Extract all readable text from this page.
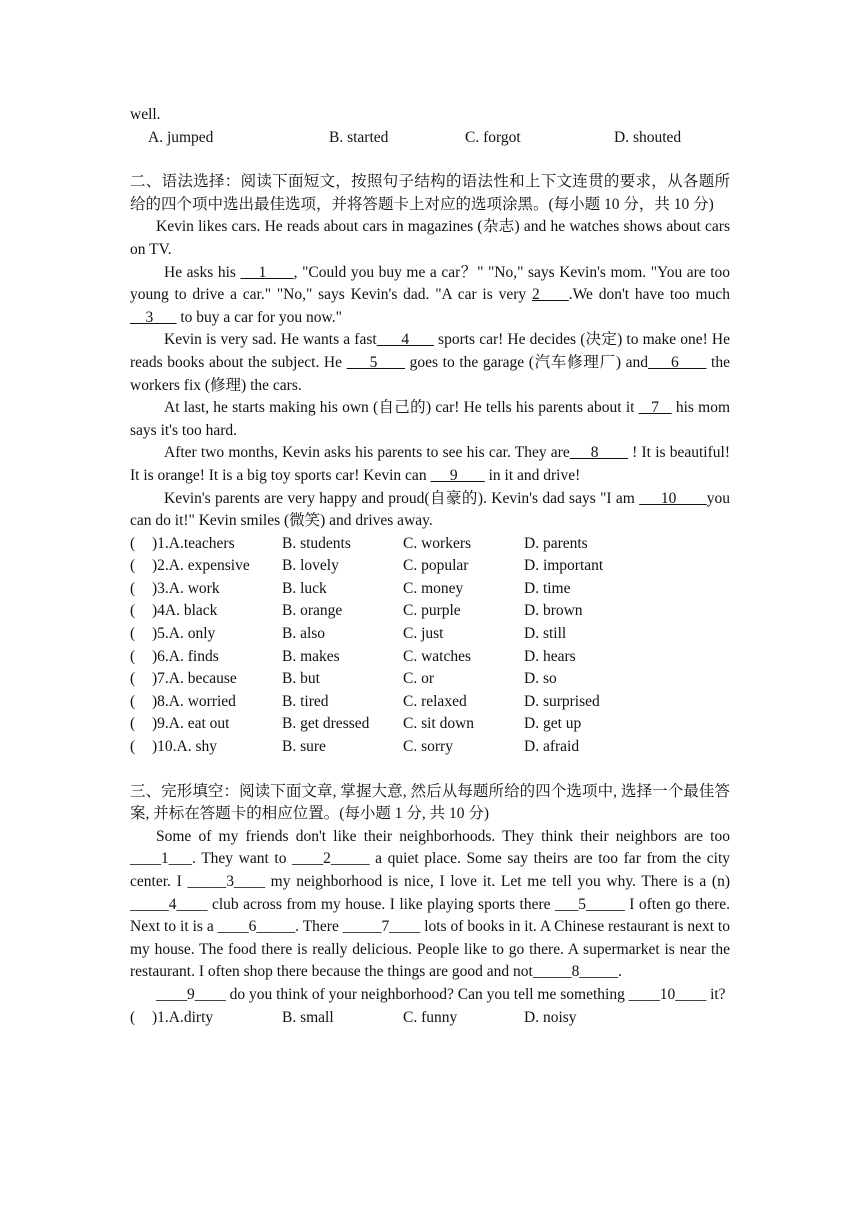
well.

A. jumped	B. started	C. forgot	D. shouted

二、语法选择：阅读下面短文，按照句子结构的语法性和上下文连贯的要求，从各题所给的四个项中选出最佳选项，并将答题卡上对应的选项涂黑。(每小题 10 分，共 10 分)

Kevin likes cars. He reads about cars in magazines (杂志) and he watches shows about cars on TV.

He asks his     1      , "Could you buy me a car？" "No," says Kevin's mom. "You are too young to drive a car." "No," says Kevin's dad. "A car is very 2     .We don't have too much     3       to buy a car for you now."

Kevin is very sad. He wants a fast      4       sports car! He decides (决定) to make one! He reads books about the subject. He      5       goes to the garage (汽车修理厂) and     6       the workers fix (修理) the cars.

At last, he starts making his own (自己的) car! He tells his parents about it    7    his mom says it's too hard.

After two months, Kevin asks his parents to see his car. They are     8        ! It is beautiful! It is orange! It is a big toy sports car! Kevin can      9        in it and drive!

Kevin's parents are very happy and proud(自豪的). Kevin's dad says "I am      10       you can do it!" Kevin smiles (微笑) and drives away.

( )1.A.teachers	B. students	C. workers	D. parents
( )2.A. expensive	B. lovely	C. popular	D. important
( )3.A. work	B. luck	C. money	D. time
( )4A. black	B. orange	C. purple	D. brown
( )5.A. only	B. also	C. just	D. still
( )6.A. finds	B. makes	C. watches	D. hears
( )7.A. because	B. but	C. or	D. so
( )8.A. worried	B. tired	C. relaxed	D. surprised
( )9.A. eat out	B. get dressed	C. sit down	D. get up
( )10.A. shy	B. sure	C. sorry	D. afraid

三、完形填空：阅读下面文章, 掌握大意, 然后从每题所给的四个选项中, 选择一个最佳答案, 并标在答题卡的相应位置。(每小题 1 分, 共 10 分)

Some of my friends don't like their neighborhoods. They think their neighbors are too ____1___. They want to ____2_____ a quiet place. Some say theirs are too far from the city center. I _____3____ my neighborhood is nice, I love it. Let me tell you why. There is a (n) _____4____ club across from my house. I like playing sports there ___5_____ I often go there. Next to it is a ____6_____. There _____7____ lots of books in it. A Chinese restaurant is next to my house. The food there is really delicious. People like to go there. A supermarket is near the restaurant. I often shop there because the things are good and not_____8_____.

____9____ do you think of your neighborhood? Can you tell me something ____10____ it?

( )1.A.dirty	B. small	C. funny	D. noisy
